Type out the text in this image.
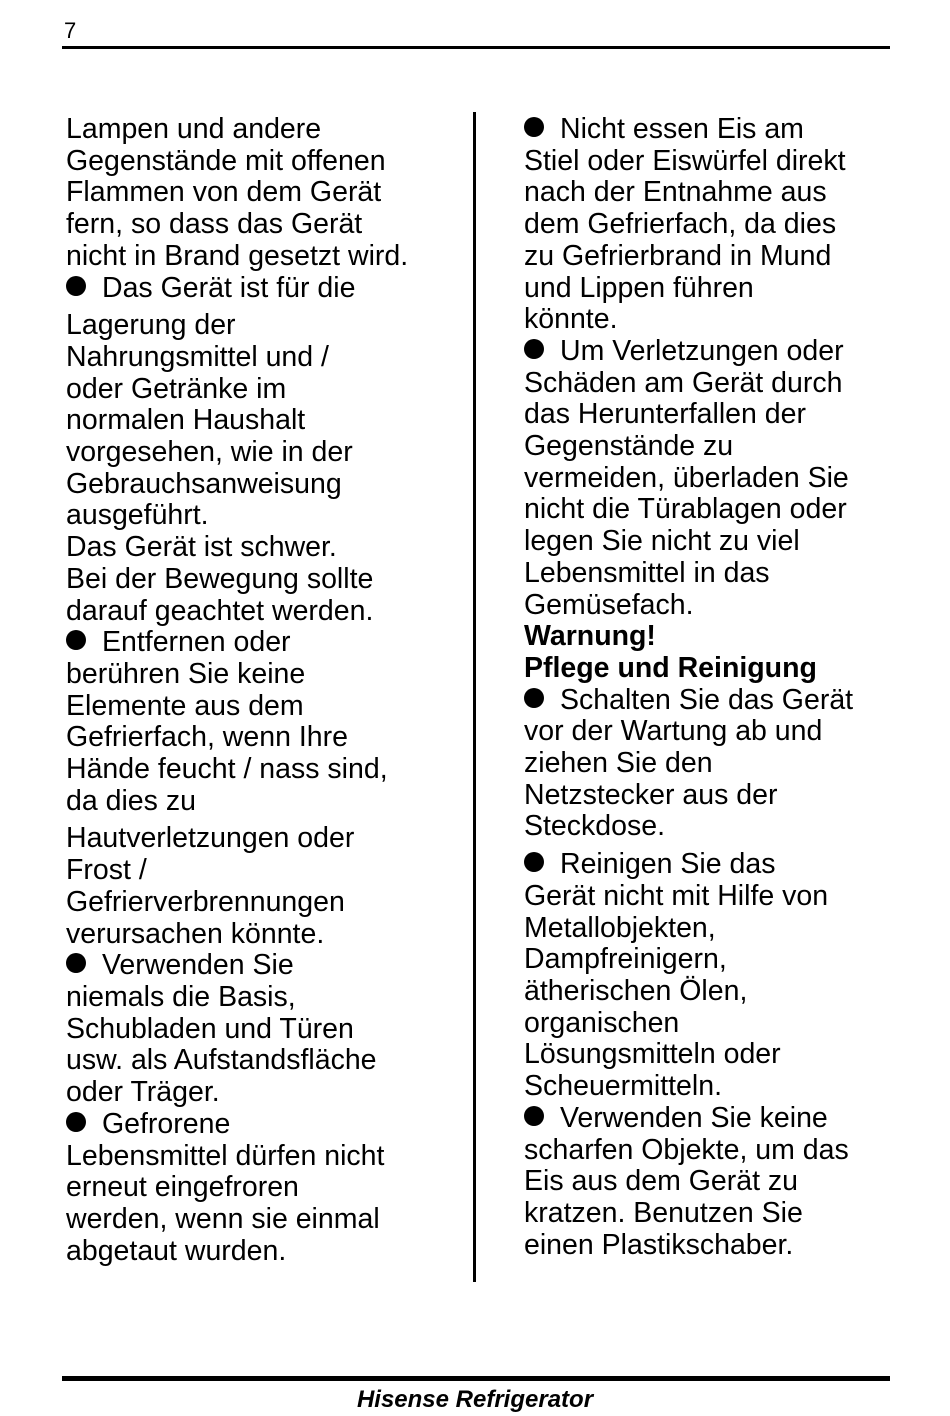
7

Lampen und andere
Gegenstände mit offenen
Flammen von dem Gerät
fern, so dass das Gerät
nicht in Brand gesetzt wird.

Das Gerät ist für die

Lagerung der
Nahrungsmittel und /
oder Getränke im
normalen Haushalt
vorgesehen, wie in der
Gebrauchsanweisung
ausgeführt.

Das Gerät ist schwer.
Bei der Bewegung sollte
darauf geachtet werden.

Entfernen oder
berühren Sie keine
Elemente aus dem
Gefrierfach, wenn Ihre
Hände feucht / nass sind,
da dies zu

Hautverletzungen oder
Frost /
Gefrierverbrennungen
verursachen könnte.

Verwenden Sie
niemals die Basis,
Schubladen und Türen
usw. als Aufstandsfläche
oder Träger.

Gefrorene
Lebensmittel dürfen nicht
erneut eingefroren
werden, wenn sie einmal
abgetaut wurden.

Nicht essen Eis am
Stiel oder Eiswürfel direkt
nach der Entnahme aus
dem Gefrierfach, da dies
zu Gefrierbrand in Mund
und Lippen führen
könnte.

Um Verletzungen oder
Schäden am Gerät durch
das Herunterfallen der
Gegenstände zu
vermeiden, überladen Sie
nicht die Türablagen oder
legen Sie nicht zu viel
Lebensmittel in das
Gemüsefach.

Warnung!

Pflege und Reinigung

Schalten Sie das Gerät
vor der Wartung ab und
ziehen Sie den
Netzstecker aus der
Steckdose.

Reinigen Sie das
Gerät nicht mit Hilfe von
Metallobjekten,
Dampfreinigern,
ätherischen Ölen,
organischen
Lösungsmitteln oder
Scheuermitteln.

Verwenden Sie keine
scharfen Objekte, um das
Eis aus dem Gerät zu
kratzen. Benutzen Sie
einen Plastikschaber.

Hisense Refrigerator
